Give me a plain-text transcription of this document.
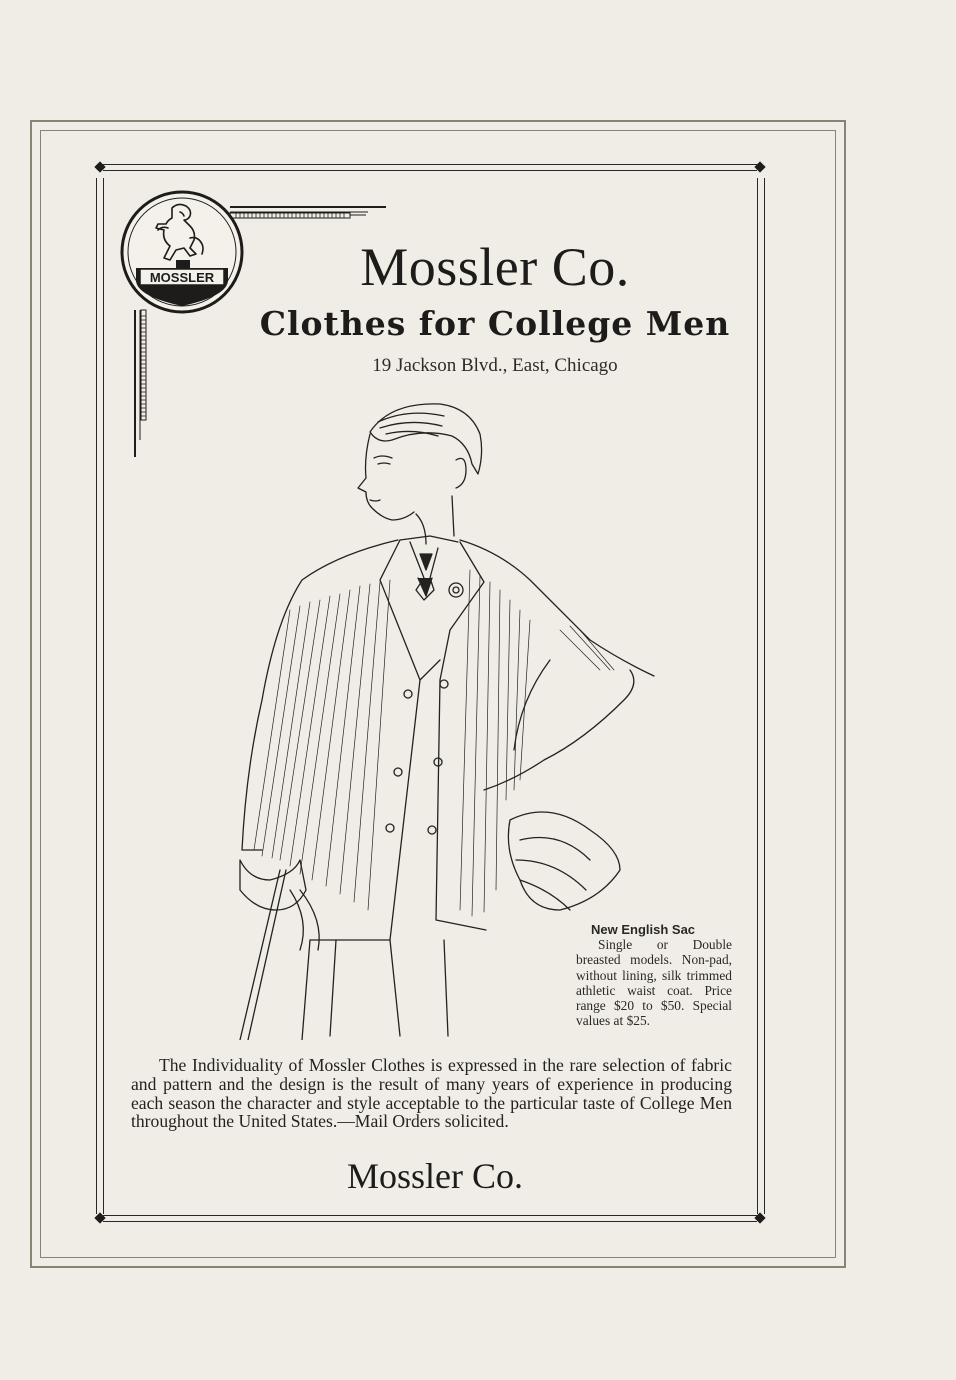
MOSSLER	Mossler Co.
Clothes for College Men
19 Jackson Blvd., East, Chicago
New English Sac
Single or Double breasted models. Non-pad, without lining, silk trimmed athletic waist coat. Price range $20 to $50. Special values at $25.
The Individuality of Mossler Clothes is expressed in the rare selection of fabric and pattern and the design is the result of many years of experience in producing each season the character and style acceptable to the particular taste of College Men throughout the United States.—Mail Orders solicited.
Mossler Co.
